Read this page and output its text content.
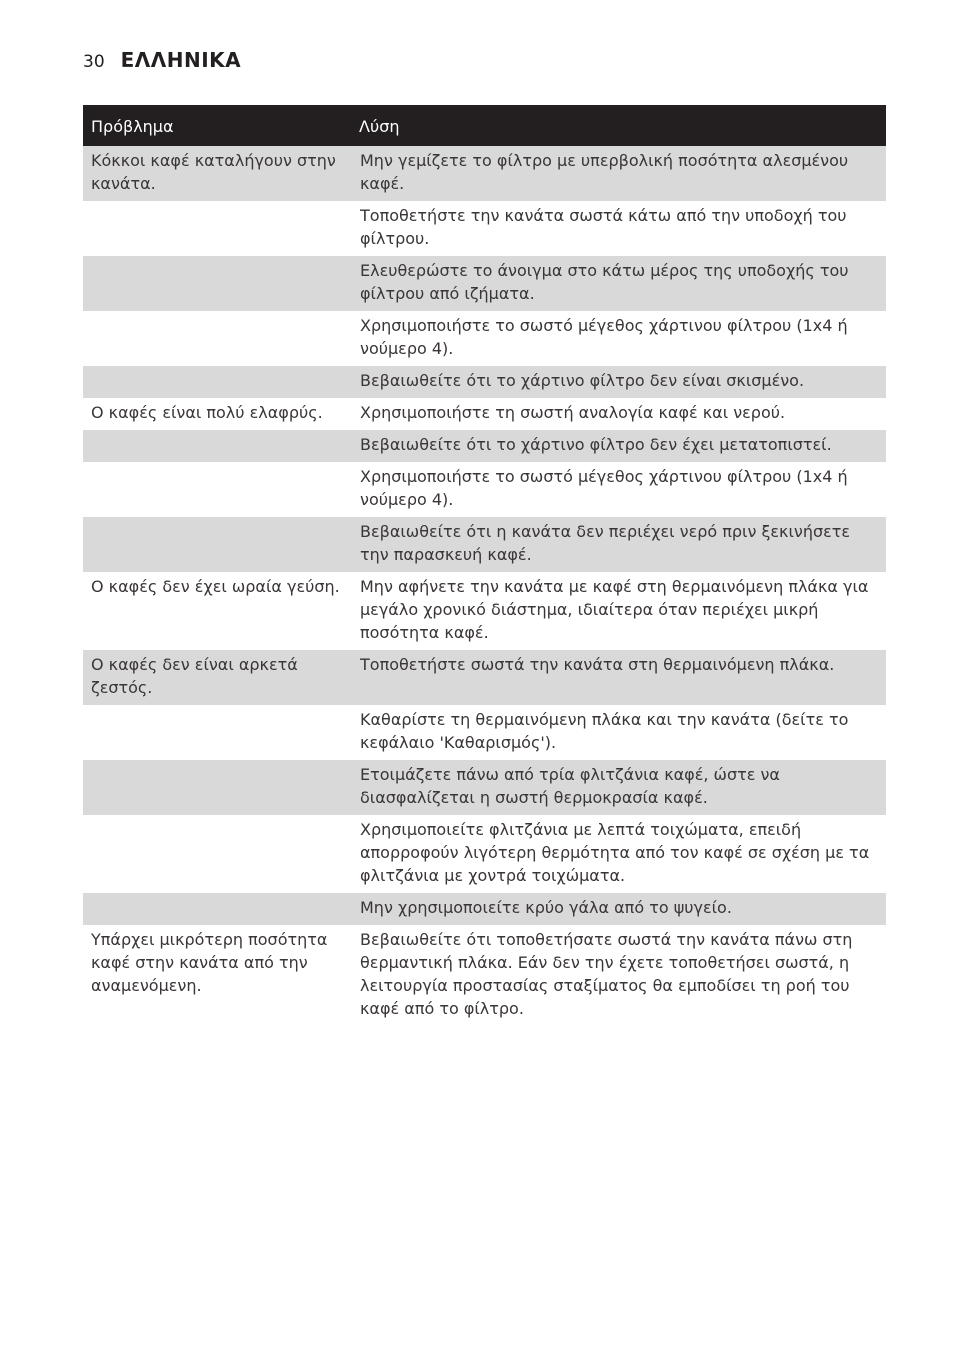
30 ΕΛΛΗΝΙΚΑ
Πρόβλημα	Λύση
Κόκκοι καφέ καταλήγουν στην κανάτα.	Μην γεμίζετε το φίλτρο με υπερβολική ποσότητα αλεσμένου καφέ.
	Τοποθετήστε την κανάτα σωστά κάτω από την υποδοχή του φίλτρου.
	Ελευθερώστε το άνοιγμα στο κάτω μέρος της υποδοχής του φίλτρου από ιζήματα.
	Χρησιμοποιήστε το σωστό μέγεθος χάρτινου φίλτρου (1x4 ή νούμερο 4).
	Βεβαιωθείτε ότι το χάρτινο φίλτρο δεν είναι σκισμένο.
Ο καφές είναι πολύ ελαφρύς.	Χρησιμοποιήστε τη σωστή αναλογία καφέ και νερού.
	Βεβαιωθείτε ότι το χάρτινο φίλτρο δεν έχει μετατοπιστεί.
	Χρησιμοποιήστε το σωστό μέγεθος χάρτινου φίλτρου (1x4 ή νούμερο 4).
	Βεβαιωθείτε ότι η κανάτα δεν περιέχει νερό πριν ξεκινήσετε την παρασκευή καφέ.
Ο καφές δεν έχει ωραία γεύση.	Μην αφήνετε την κανάτα με καφέ στη θερμαινόμενη πλάκα για μεγάλο χρονικό διάστημα, ιδιαίτερα όταν περιέχει μικρή ποσότητα καφέ.
Ο καφές δεν είναι αρκετά ζεστός.	Τοποθετήστε σωστά την κανάτα στη θερμαινόμενη πλάκα.
	Καθαρίστε τη θερμαινόμενη πλάκα και την κανάτα (δείτε το κεφάλαιο 'Καθαρισμός').
	Ετοιμάζετε πάνω από τρία φλιτζάνια καφέ, ώστε να διασφαλίζεται η σωστή θερμοκρασία καφέ.
	Χρησιμοποιείτε φλιτζάνια με λεπτά τοιχώματα, επειδή απορροφούν λιγότερη θερμότητα από τον καφέ σε σχέση με τα φλιτζάνια με χοντρά τοιχώματα.
	Μην χρησιμοποιείτε κρύο γάλα από το ψυγείο.
Υπάρχει μικρότερη ποσότητα καφέ στην κανάτα από την αναμενόμενη.	Βεβαιωθείτε ότι τοποθετήσατε σωστά την κανάτα πάνω στη θερμαντική πλάκα. Εάν δεν την έχετε τοποθετήσει σωστά, η λειτουργία προστασίας σταξίματος θα εμποδίσει τη ροή του καφέ από το φίλτρο.
